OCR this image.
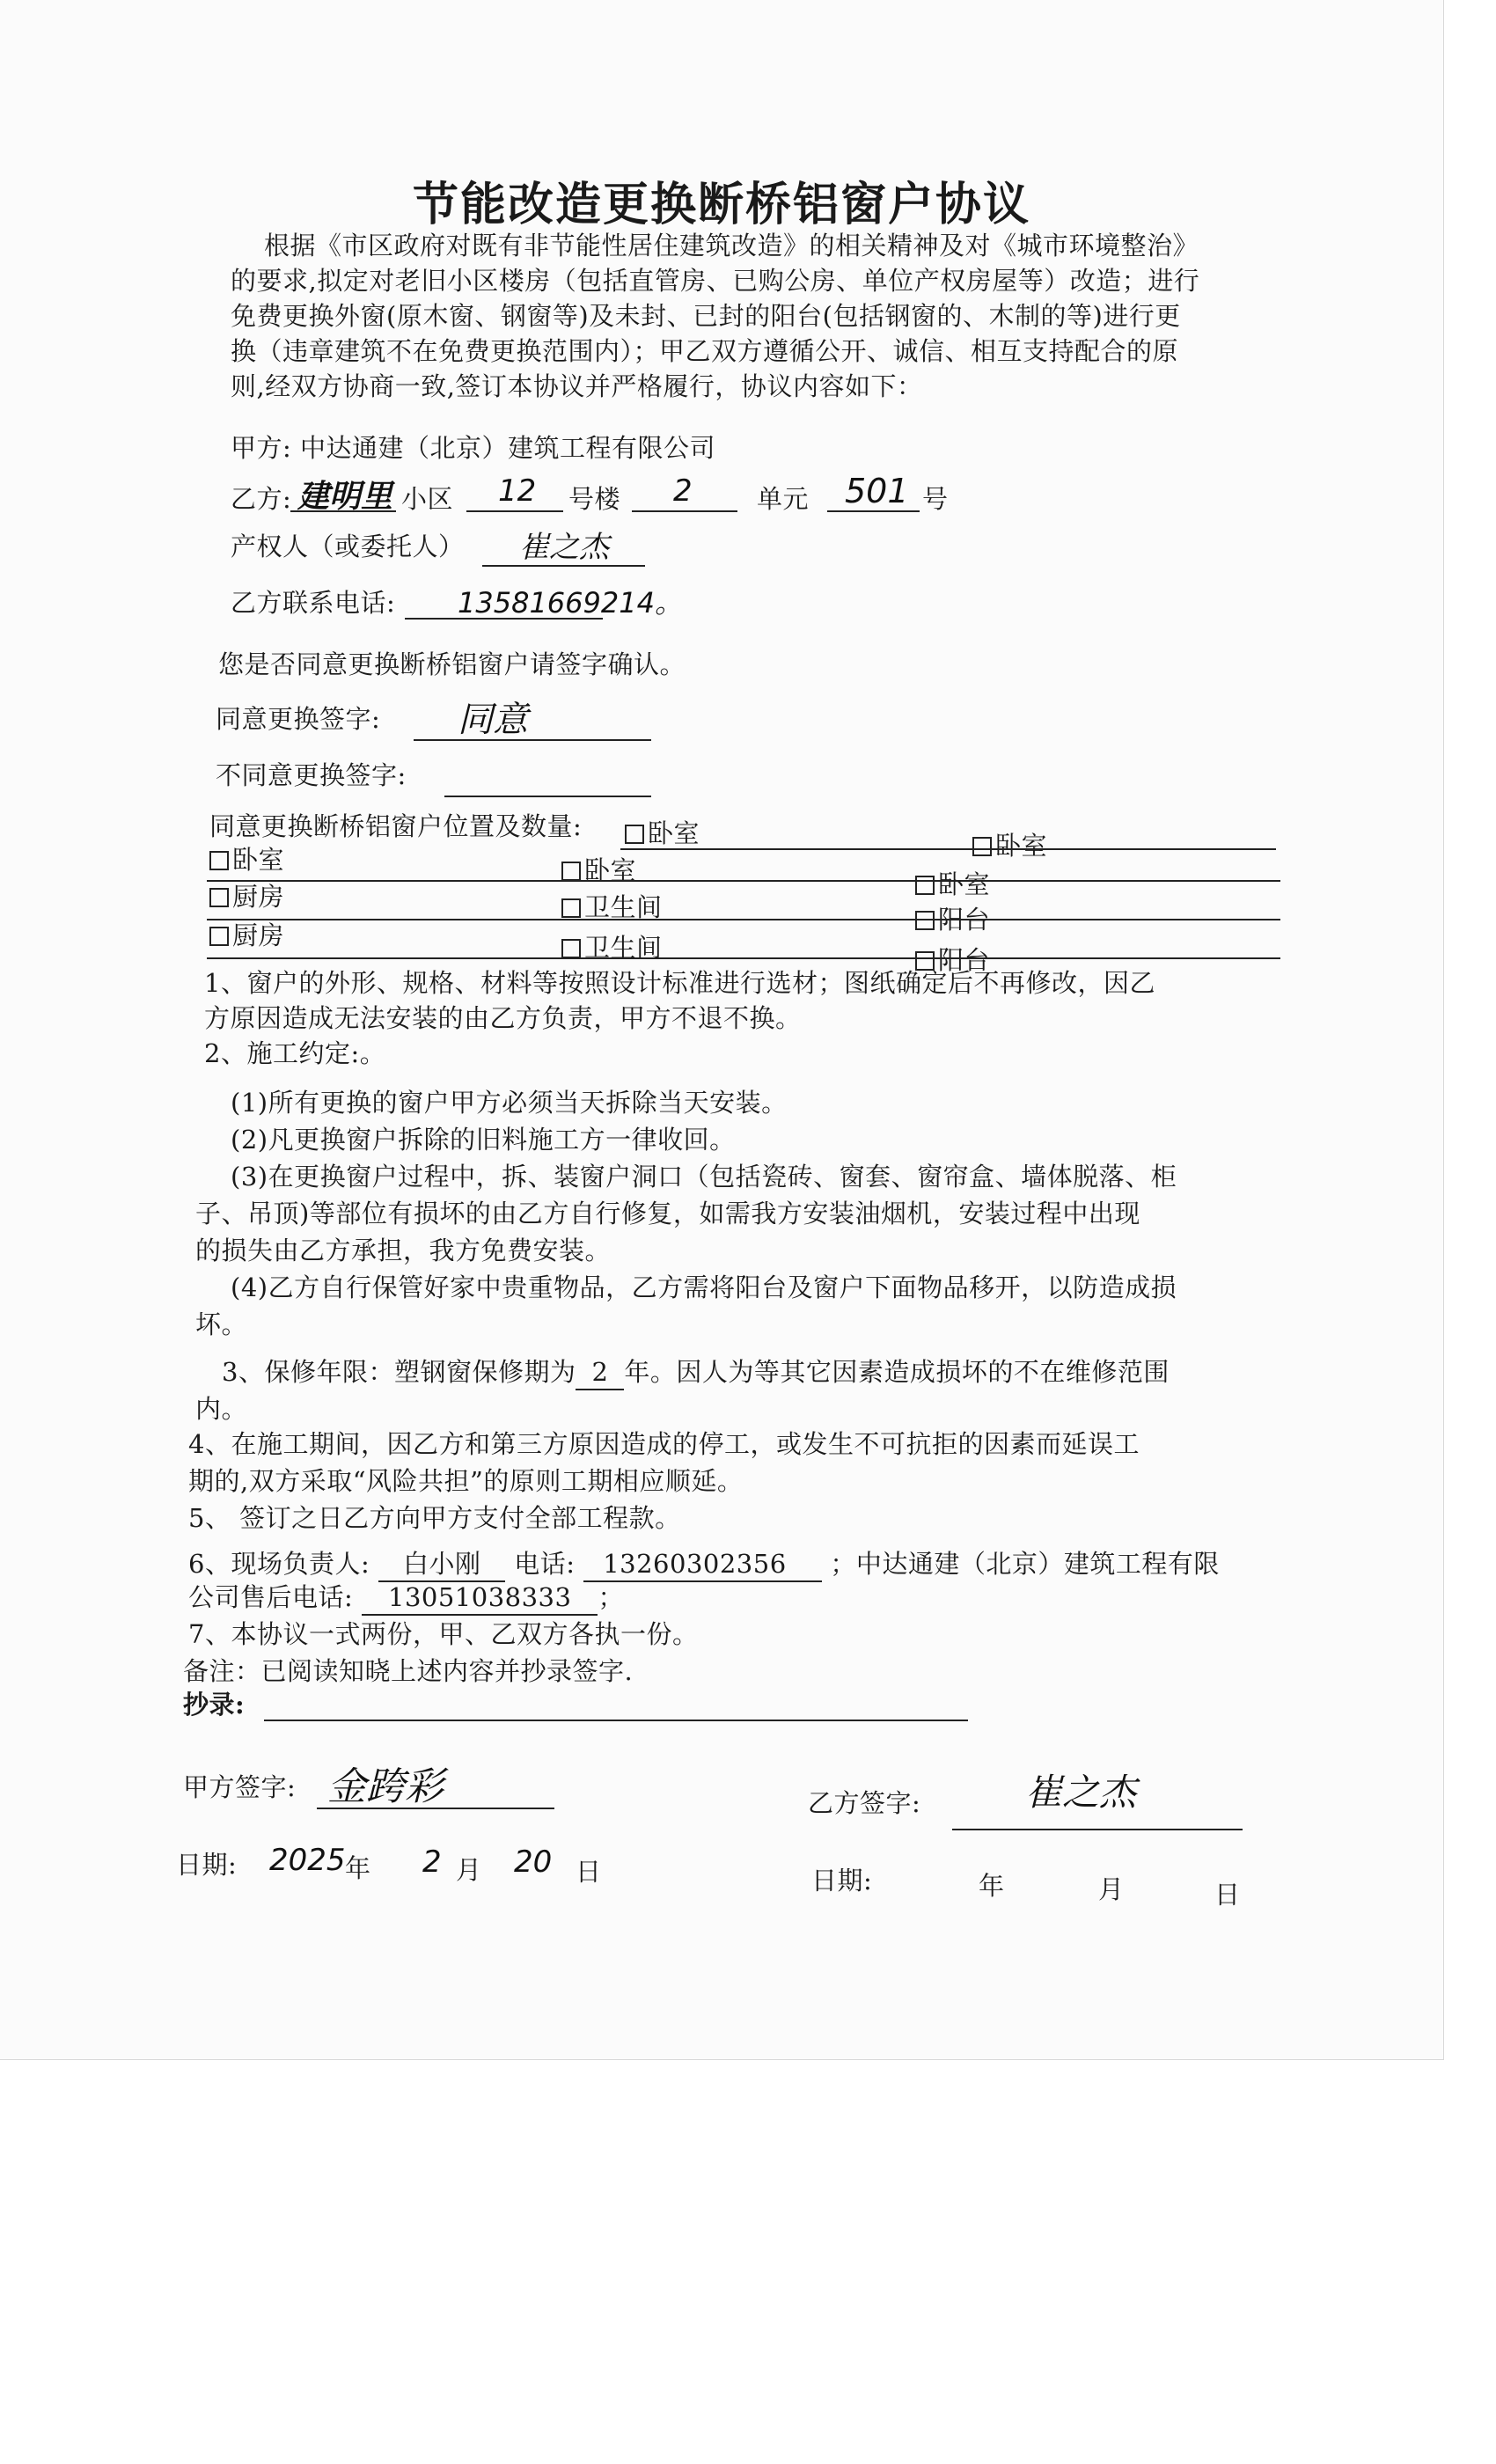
节能改造更换断桥铝窗户协议
根据《市区政府对既有非节能性居住建筑改造》的相关精神及对《城市环境整治》
的要求,拟定对老旧小区楼房（包括直管房、已购公房、单位产权房屋等）改造；进行
免费更换外窗(原木窗、钢窗等)及未封、已封的阳台(包括钢窗的、木制的等)进行更
换（违章建筑不在免费更换范围内）；甲乙双方遵循公开、诚信、相互支持配合的原
则,经双方协商一致,签订本协议并严格履行，协议内容如下：
甲方: 中达通建（北京）建筑工程有限公司
乙方: 建明里 小区 12 号楼 2	单元 501 号
产权人（或委托人） 崔之杰
乙方联系电话: 13581669214。
您是否同意更换断桥铝窗户请签字确认。
同意更换签字: 同意
不同意更换签字:
同意更换断桥铝窗户位置及数量:	卧室	卧室
卧室	卧室	卧室
厨房	卫生间	阳台
厨房	卫生间	阳台
1、窗户的外形、规格、材料等按照设计标准进行选材；图纸确定后不再修改，因乙
方原因造成无法安装的由乙方负责，甲方不退不换。
2、施工约定:。
(1)所有更换的窗户甲方必须当天拆除当天安装。
(2)凡更换窗户拆除的旧料施工方一律收回。
(3)在更换窗户过程中，拆、装窗户洞口（包括瓷砖、窗套、窗帘盒、墙体脱落、柜
子、吊顶)等部位有损坏的由乙方自行修复，如需我方安装油烟机，安装过程中出现
的损失由乙方承担，我方免费安装。
(4)乙方自行保管好家中贵重物品，乙方需将阳台及窗户下面物品移开，以防造成损
坏。
3、保修年限：塑钢窗保修期为 2 年。因人为等其它因素造成损坏的不在维修范围
内。
4、在施工期间，因乙方和第三方原因造成的停工，或发生不可抗拒的因素而延误工
期的,双方采取“风险共担”的原则工期相应顺延。
5、 签订之日乙方向甲方支付全部工程款。
6、现场负责人: 白小刚 电话: 13260302356 ；中达通建（北京）建筑工程有限
公司售后电话: 13051038333 ；
7、本协议一式两份，甲、乙双方各执一份。
备注：已阅读知晓上述内容并抄录签字.
抄录:
甲方签字: 金跨彩	乙方签字:	崔之杰
日期: 2025 年 2 月 20 日	日期:	年	月	日
